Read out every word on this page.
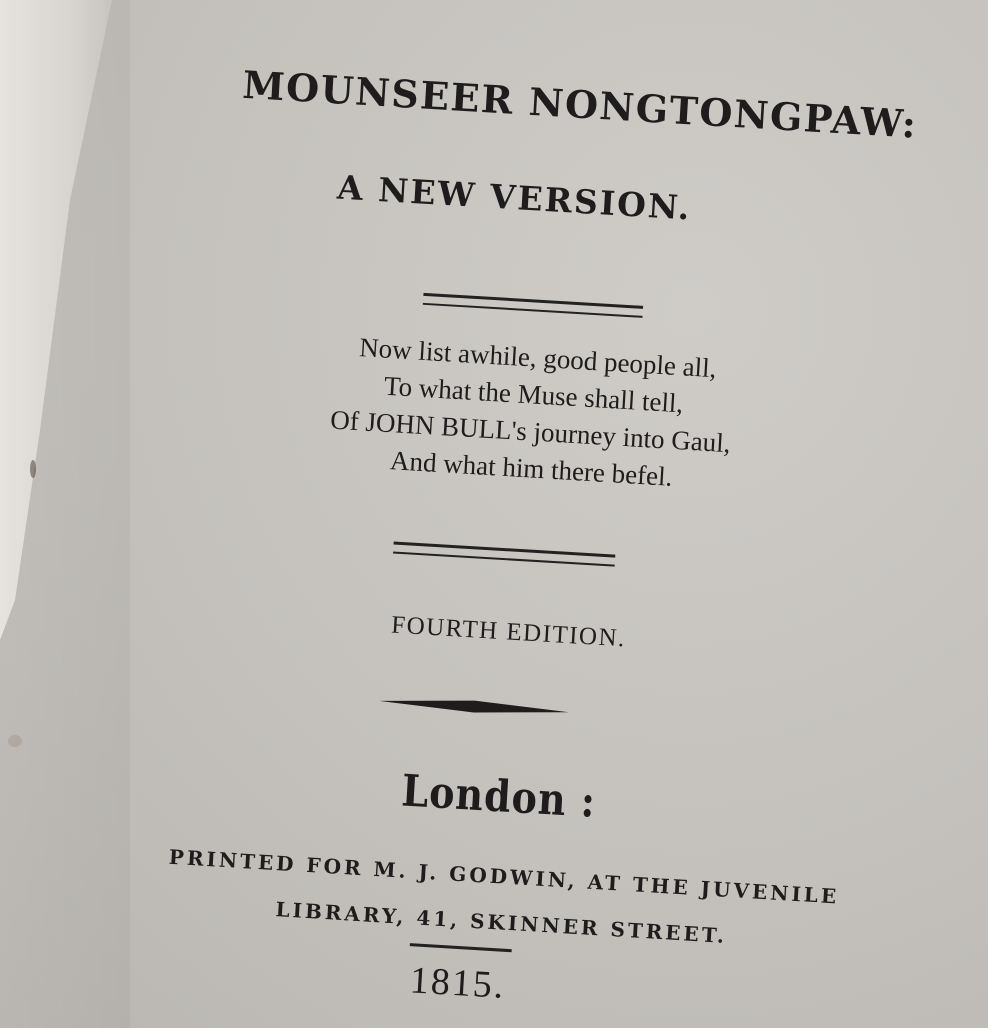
MOUNSEER NONGTONGPAW:
A NEW VERSION.
Now list awhile, good people all,
To what the Muse shall tell,
Of JOHN BULL's journey into Gaul,
And what him there befel.
FOURTH EDITION.
London :
PRINTED FOR M. J. GODWIN, AT THE JUVENILE
LIBRARY, 41, SKINNER STREET.
1815.
